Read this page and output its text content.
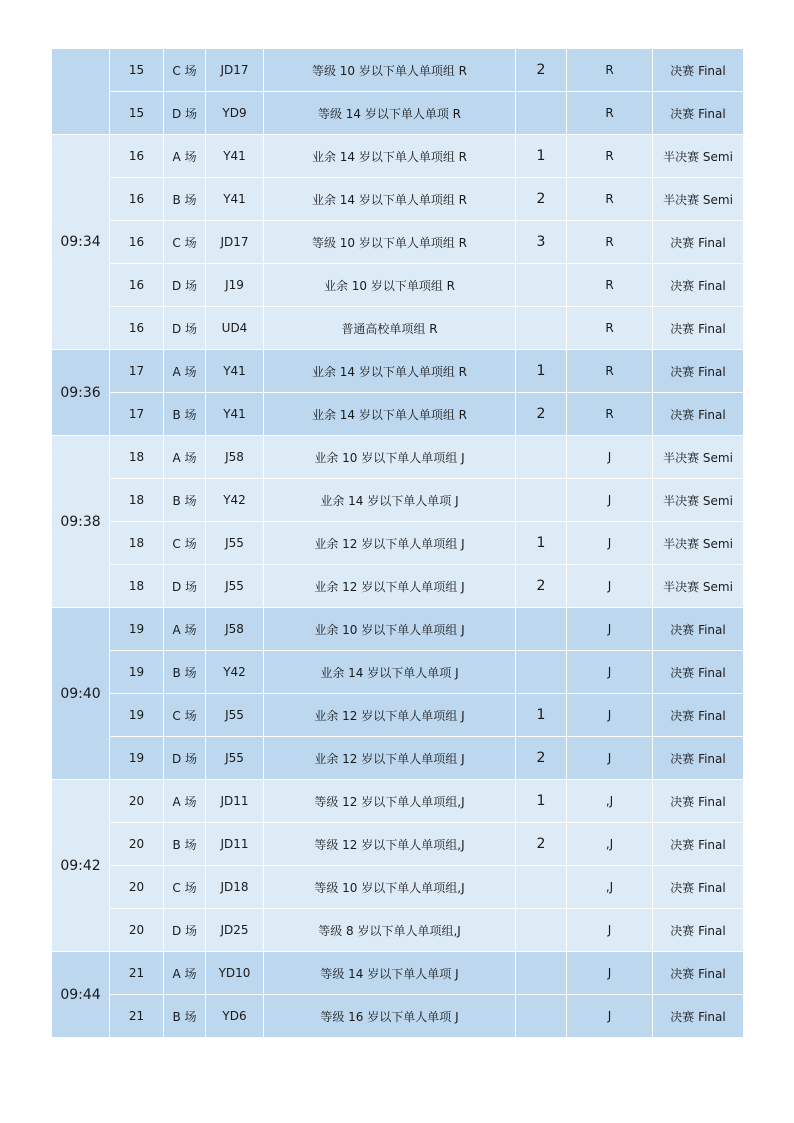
	15	C 场	JD17	等级 10 岁以下单人单项组 R	2	R	决赛 Final
	15	D 场	YD9	等级 14 岁以下单人单项 R		R	决赛 Final
09:34	16	A 场	Y41	业余 14 岁以下单人单项组 R	1	R	半决赛 Semi
	16	B 场	Y41	业余 14 岁以下单人单项组 R	2	R	半决赛 Semi
	16	C 场	JD17	等级 10 岁以下单人单项组 R	3	R	决赛 Final
	16	D 场	J19	业余 10 岁以下单项组 R		R	决赛 Final
	16	D 场	UD4	普通高校单项组 R		R	决赛 Final
09:36	17	A 场	Y41	业余 14 岁以下单人单项组 R	1	R	决赛 Final
	17	B 场	Y41	业余 14 岁以下单人单项组 R	2	R	决赛 Final
09:38	18	A 场	J58	业余 10 岁以下单人单项组 J		J	半决赛 Semi
	18	B 场	Y42	业余 14 岁以下单人单项 J		J	半决赛 Semi
	18	C 场	J55	业余 12 岁以下单人单项组 J	1	J	半决赛 Semi
	18	D 场	J55	业余 12 岁以下单人单项组 J	2	J	半决赛 Semi
09:40	19	A 场	J58	业余 10 岁以下单人单项组 J		J	决赛 Final
	19	B 场	Y42	业余 14 岁以下单人单项 J		J	决赛 Final
	19	C 场	J55	业余 12 岁以下单人单项组 J	1	J	决赛 Final
	19	D 场	J55	业余 12 岁以下单人单项组 J	2	J	决赛 Final
09:42	20	A 场	JD11	等级 12 岁以下单人单项组,J	1	,J	决赛 Final
	20	B 场	JD11	等级 12 岁以下单人单项组,J	2	,J	决赛 Final
	20	C 场	JD18	等级 10 岁以下单人单项组,J		,J	决赛 Final
	20	D 场	JD25	等级 8 岁以下单人单项组,J		J	决赛 Final
09:44	21	A 场	YD10	等级 14 岁以下单人单项 J		J	决赛 Final
	21	B 场	YD6	等级 16 岁以下单人单项 J		J	决赛 Final
